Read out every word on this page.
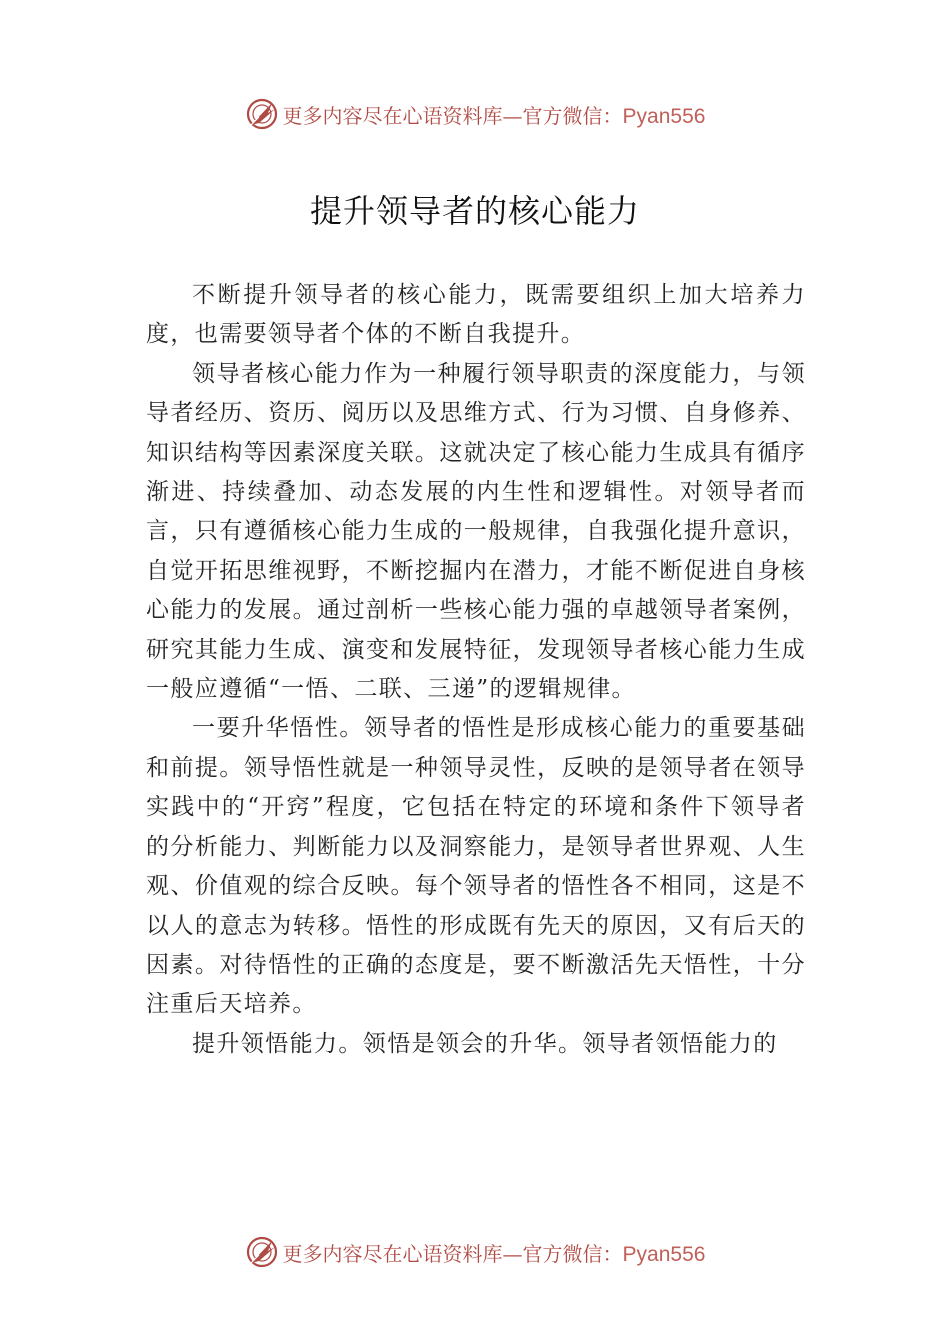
更多内容尽在心语资料库—官方微信：Pyan556
提升领导者的核心能力

不断提升领导者的核心能力，既需要组织上加大培养力度，也需要领导者个体的不断自我提升。

领导者核心能力作为一种履行领导职责的深度能力，与领导者经历、资历、阅历以及思维方式、行为习惯、自身修养、知识结构等因素深度关联。这就决定了核心能力生成具有循序渐进、持续叠加、动态发展的内生性和逻辑性。对领导者而言，只有遵循核心能力生成的一般规律，自我强化提升意识，自觉开拓思维视野，不断挖掘内在潜力，才能不断促进自身核心能力的发展。通过剖析一些核心能力强的卓越领导者案例，研究其能力生成、演变和发展特征，发现领导者核心能力生成一般应遵循“一悟、二联、三递”的逻辑规律。

一要升华悟性。领导者的悟性是形成核心能力的重要基础和前提。领导悟性就是一种领导灵性，反映的是领导者在领导实践中的“开窍”程度，它包括在特定的环境和条件下领导者的分析能力、判断能力以及洞察能力，是领导者世界观、人生观、价值观的综合反映。每个领导者的悟性各不相同，这是不以人的意志为转移。悟性的形成既有先天的原因，又有后天的因素。对待悟性的正确的态度是，要不断激活先天悟性，十分注重后天培养。

提升领悟能力。领悟是领会的升华。领导者领悟能力的

更多内容尽在心语资料库—官方微信：Pyan556
